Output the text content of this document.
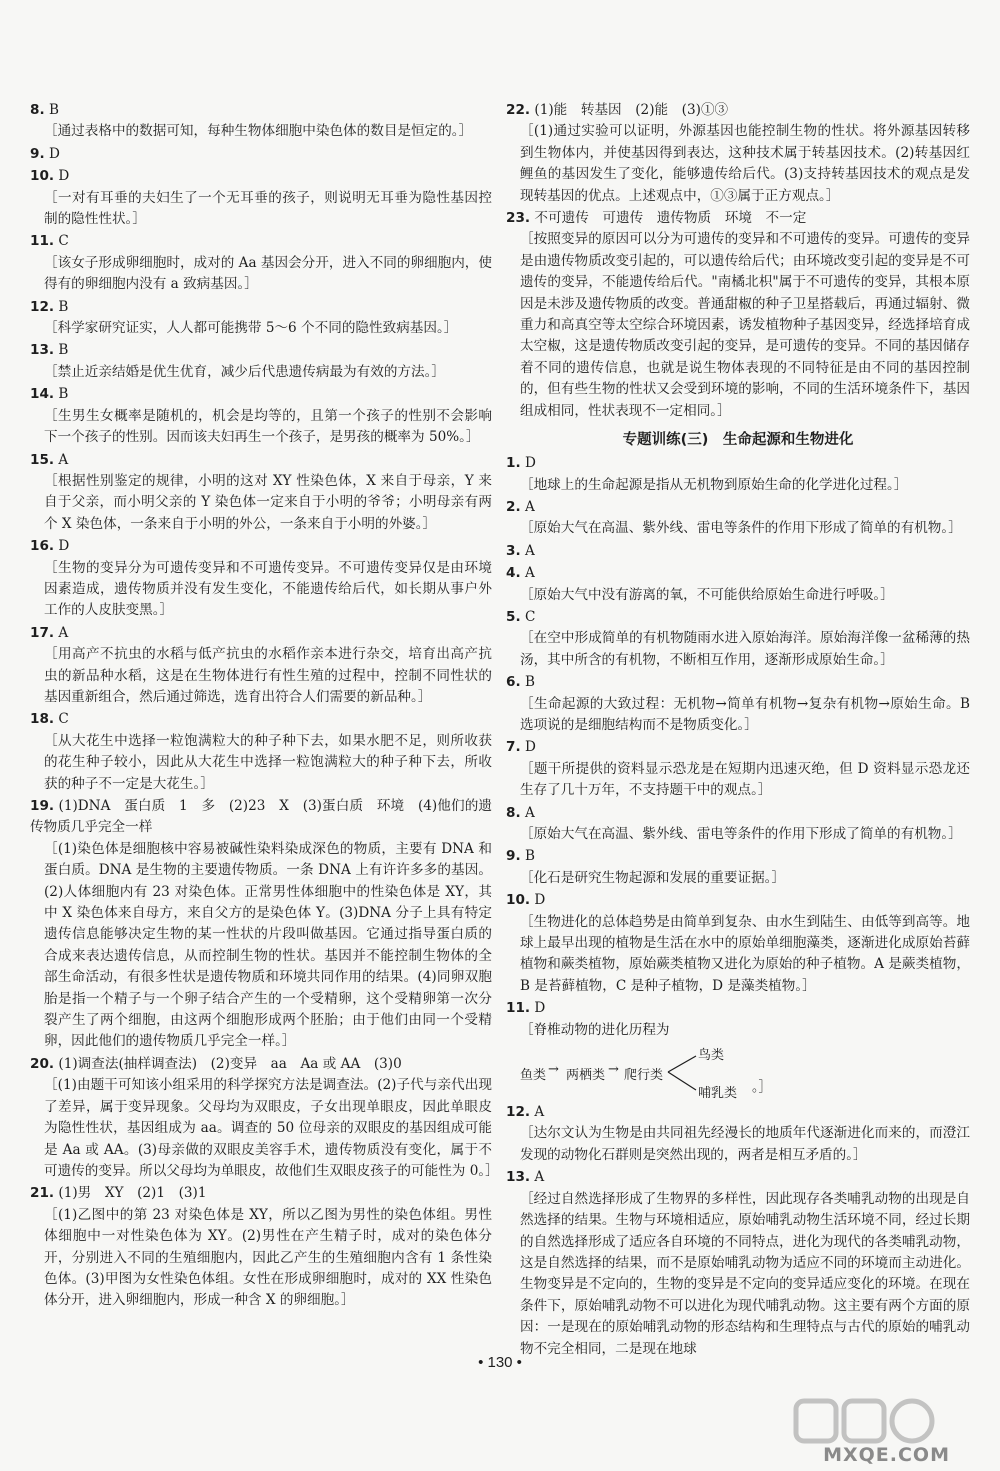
8. B
［通过表格中的数据可知，每种生物体细胞中染色体的数目是恒定的。］
9. D
10. D
［一对有耳垂的夫妇生了一个无耳垂的孩子，则说明无耳垂为隐性基因控制的隐性性状。］
11. C
［该女子形成卵细胞时，成对的 Aa 基因会分开，进入不同的卵细胞内，使得有的卵细胞内没有 a 致病基因。］
12. B
［科学家研究证实，人人都可能携带 5～6 个不同的隐性致病基因。］
13. B
［禁止近亲结婚是优生优育，减少后代患遗传病最为有效的方法。］
14. B
［生男生女概率是随机的，机会是均等的，且第一个孩子的性别不会影响下一个孩子的性别。因而该夫妇再生一个孩子，是男孩的概率为 50%。］
15. A
［根据性别鉴定的规律，小明的这对 XY 性染色体，X 来自于母亲，Y 来自于父亲，而小明父亲的 Y 染色体一定来自于小明的爷爷；小明母亲有两个 X 染色体，一条来自于小明的外公，一条来自于小明的外婆。］
16. D
［生物的变异分为可遗传变异和不可遗传变异。不可遗传变异仅是由环境因素造成，遗传物质并没有发生变化，不能遗传给后代，如长期从事户外工作的人皮肤变黑。］
17. A
［用高产不抗虫的水稻与低产抗虫的水稻作亲本进行杂交，培育出高产抗虫的新品种水稻，这是在生物体进行有性生殖的过程中，控制不同性状的基因重新组合，然后通过筛选，选育出符合人们需要的新品种。］
18. C
［从大花生中选择一粒饱满粒大的种子种下去，如果水肥不足，则所收获的花生种子较小，因此从大花生中选择一粒饱满粒大的种子种下去，所收获的种子不一定是大花生。］
19. (1)DNA　蛋白质　1　多　(2)23　X　(3)蛋白质　环境　(4)他们的遗传物质几乎完全一样
［(1)染色体是细胞核中容易被碱性染料染成深色的物质，主要有 DNA 和蛋白质。DNA 是生物的主要遗传物质。一条 DNA 上有许许多多的基因。(2)人体细胞内有 23 对染色体。正常男性体细胞中的性染色体是 XY，其中 X 染色体来自母方，来自父方的是染色体 Y。(3)DNA 分子上具有特定遗传信息能够决定生物的某一性状的片段叫做基因。它通过指导蛋白质的合成来表达遗传信息，从而控制生物的性状。基因并不能控制生物体的全部生命活动，有很多性状是遗传物质和环境共同作用的结果。(4)同卵双胞胎是指一个精子与一个卵子结合产生的一个受精卵，这个受精卵第一次分裂产生了两个细胞，由这两个细胞形成两个胚胎；由于他们由同一个受精卵，因此他们的遗传物质几乎完全一样。］
20. (1)调查法(抽样调查法)　(2)变异　aa　Aa 或 AA　(3)0
［(1)由题干可知该小组采用的科学探究方法是调查法。(2)子代与亲代出现了差异，属于变异现象。父母均为双眼皮，子女出现单眼皮，因此单眼皮为隐性性状，基因组成为 aa。调查的 50 位母亲的双眼皮的基因组成可能是 Aa 或 AA。(3)母亲做的双眼皮美容手术，遗传物质没有变化，属于不可遗传的变异。所以父母均为单眼皮，故他们生双眼皮孩子的可能性为 0。］
21. (1)男　XY　(2)1　(3)1
［(1)乙图中的第 23 对染色体是 XY，所以乙图为男性的染色体组。男性体细胞中一对性染色体为 XY。(2)男性在产生精子时，成对的染色体分开，分别进入不同的生殖细胞内，因此乙产生的生殖细胞内含有 1 条性染色体。(3)甲图为女性染色体组。女性在形成卵细胞时，成对的 XX 性染色体分开，进入卵细胞内，形成一种含 X 的卵细胞。］
22. (1)能　转基因　(2)能　(3)①③
［(1)通过实验可以证明，外源基因也能控制生物的性状。将外源基因转移到生物体内，并使基因得到表达，这种技术属于转基因技术。(2)转基因红鲤鱼的基因发生了变化，能够遗传给后代。(3)支持转基因技术的观点是发现转基因的优点。上述观点中，①③属于正方观点。］
23. 不可遗传　可遗传　遗传物质　环境　不一定
［按照变异的原因可以分为可遗传的变异和不可遗传的变异。可遗传的变异是由遗传物质改变引起的，可以遗传给后代；由环境改变引起的变异是不可遗传的变异，不能遗传给后代。"南橘北枳"属于不可遗传的变异，其根本原因是未涉及遗传物质的改变。普通甜椒的种子卫星搭载后，再通过辐射、微重力和高真空等太空综合环境因素，诱发植物种子基因变异，经选择培育成太空椒，这是遗传物质改变引起的变异，是可遗传的变异。不同的基因储存着不同的遗传信息，也就是说生物体表现的不同特征是由不同的基因控制的，但有些生物的性状又会受到环境的影响，不同的生活环境条件下，基因组成相同，性状表现不一定相同。］
专题训练(三)　生命起源和生物进化
1. D
［地球上的生命起源是指从无机物到原始生命的化学进化过程。］
2. A
［原始大气在高温、紫外线、雷电等条件的作用下形成了简单的有机物。］
3. A
4. A
［原始大气中没有游离的氧，不可能供给原始生命进行呼吸。］
5. C
［在空中形成简单的有机物随雨水进入原始海洋。原始海洋像一盆稀薄的热汤，其中所含的有机物，不断相互作用，逐渐形成原始生命。］
6. B
［生命起源的大致过程：无机物→简单有机物→复杂有机物→原始生命。B 选项说的是细胞结构而不是物质变化。］
7. D
［题干所提供的资料显示恐龙是在短期内迅速灭绝，但 D 资料显示恐龙还生存了几十万年，不支持题干中的观点。］
8. A
［原始大气在高温、紫外线、雷电等条件的作用下形成了简单的有机物。］
9. B
［化石是研究生物起源和发展的重要证据。］
10. D
［生物进化的总体趋势是由简单到复杂、由水生到陆生、由低等到高等。地球上最早出现的植物是生活在水中的原始单细胞藻类，逐渐进化成原始苔藓植物和蕨类植物，原始蕨类植物又进化为原始的种子植物。A 是蕨类植物，B 是苔藓植物，C 是种子植物，D 是藻类植物。］
11. D
［脊椎动物的进化历程为
鱼类 → 两栖类 → 爬行类
鸟类
哺乳类 。］
12. A
［达尔文认为生物是由共同祖先经漫长的地质年代逐渐进化而来的，而澄江发现的动物化石群则是突然出现的，两者是相互矛盾的。］
13. A
［经过自然选择形成了生物界的多样性，因此现存各类哺乳动物的出现是自然选择的结果。生物与环境相适应，原始哺乳动物生活环境不同，经过长期的自然选择形成了适应各自环境的不同特点，进化为现代的各类哺乳动物，这是自然选择的结果，而不是原始哺乳动物为适应不同的环境而主动进化。生物变异是不定向的，生物的变异是不定向的变异适应变化的环境。在现在条件下，原始哺乳动物不可以进化为现代哺乳动物。这主要有两个方面的原因：一是现在的原始哺乳动物的形态结构和生理特点与古代的原始的哺乳动物不完全相同，二是现在地球
• 130 •
MXQE.COM
